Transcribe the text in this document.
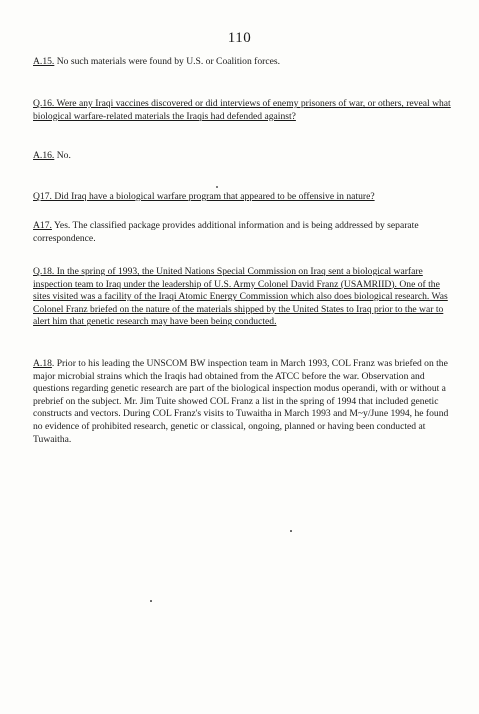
110
A.15. No such materials were found by U.S. or Coalition forces.
Q.16. Were any Iraqi vaccines discovered or did interviews of enemy prisoners of war, or others, reveal what biological warfare-related materials the Iraqis had defended against?
A.16. No.
Q17. Did Iraq have a biological warfare program that appeared to be offensive in nature?
A17. Yes. The classified package provides additional information and is being addressed by separate correspondence.
Q.18. In the spring of 1993, the United Nations Special Commission on Iraq sent a biological warfare inspection team to Iraq under the leadership of U.S. Army Colonel David Franz (USAMRIID). One of the sites visited was a facility of the Iraqi Atomic Energy Commission which also does biological research. Was Colonel Franz briefed on the nature of the materials shipped by the United States to Iraq prior to the war to alert him that genetic research may have been being conducted.
A.18. Prior to his leading the UNSCOM BW inspection team in March 1993, COL Franz was briefed on the major microbial strains which the Iraqis had obtained from the ATCC before the war. Observation and questions regarding genetic research are part of the biological inspection modus operandi, with or without a prebrief on the subject. Mr. Jim Tuite showed COL Franz a list in the spring of 1994 that included genetic constructs and vectors. During COL Franz's visits to Tuwaitha in March 1993 and M~y/June 1994, he found no evidence of prohibited research, genetic or classical, ongoing, planned or having been conducted at Tuwaitha.
